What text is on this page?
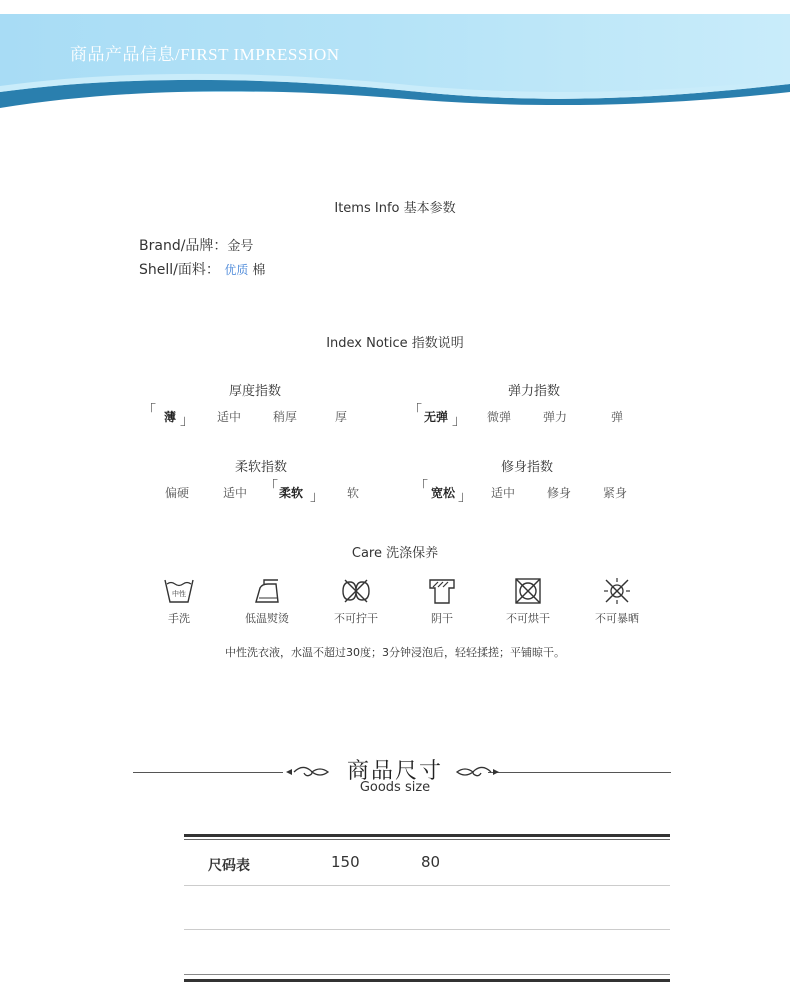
商品产品信息/FIRST IMPRESSION
Items Info 基本参数
Brand/品牌：金号
Shell/面料： 优质 棉
Index Notice 指数说明
厚度指数
「 薄 」	适中	稍厚	厚
弹力指数
「 无弹 」	微弹	弹力	弹
柔软指数
偏硬	适中	「 柔软 」	软
修身指数
「 宽松 」	适中	修身	紧身
Care 洗涤保养
中性
手洗	低温熨烫	不可拧干	阴干	不可烘干	不可暴晒
中性洗衣液，水温不超过30度；3分钟浸泡后，轻轻揉搓；平铺晾干。
商品尺寸
Goods size
尺码表	150	80
